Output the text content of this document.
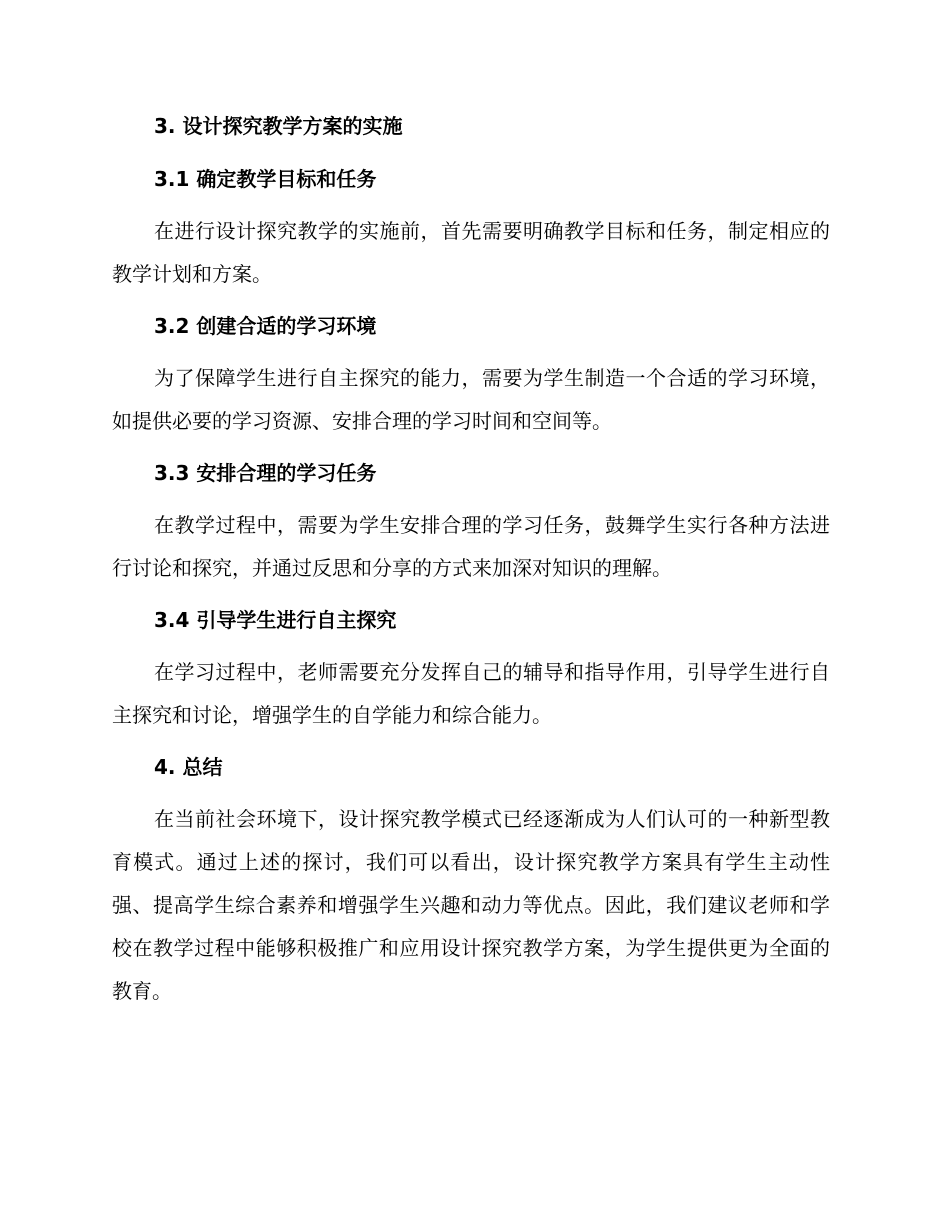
3. 设计探究教学方案的实施
3.1 确定教学目标和任务

在进行设计探究教学的实施前，首先需要明确教学目标和任务，制定相应的教学计划和方案。

3.2 创建合适的学习环境

为了保障学生进行自主探究的能力，需要为学生制造一个合适的学习环境，如提供必要的学习资源、安排合理的学习时间和空间等。

3.3 安排合理的学习任务

在教学过程中，需要为学生安排合理的学习任务，鼓舞学生实行各种方法进行讨论和探究，并通过反思和分享的方式来加深对知识的理解。

3.4 引导学生进行自主探究

在学习过程中，老师需要充分发挥自己的辅导和指导作用，引导学生进行自主探究和讨论，增强学生的自学能力和综合能力。

4. 总结

在当前社会环境下，设计探究教学模式已经逐渐成为人们认可的一种新型教育模式。通过上述的探讨，我们可以看出，设计探究教学方案具有学生主动性强、提高学生综合素养和增强学生兴趣和动力等优点。因此，我们建议老师和学校在教学过程中能够积极推广和应用设计探究教学方案，为学生提供更为全面的教育。
